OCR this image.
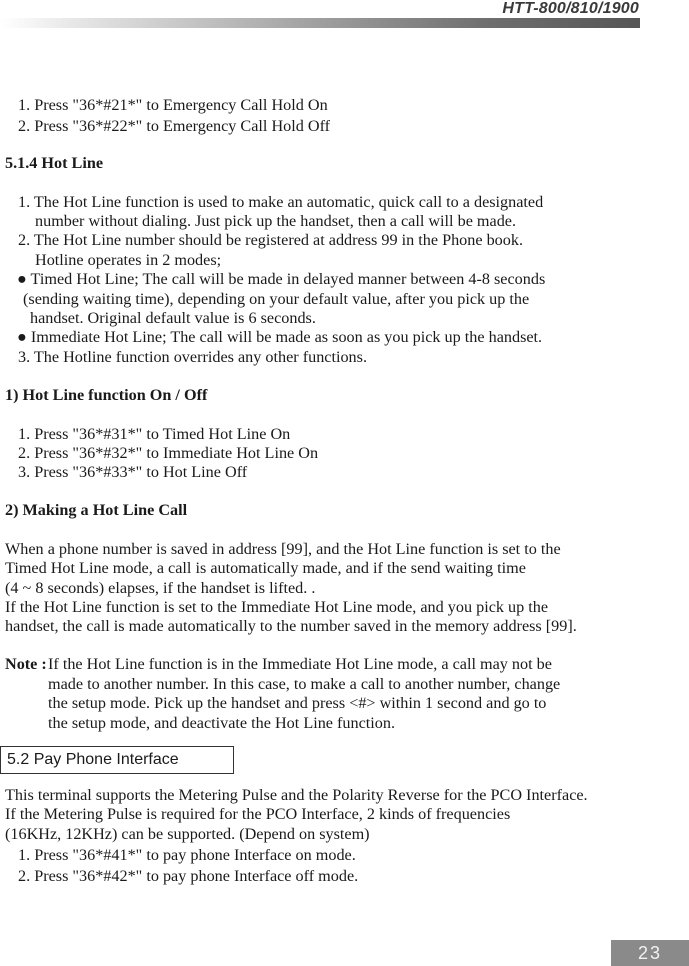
HTT-800/810/1900
1. Press "36*#21*" to Emergency Call Hold On
2. Press "36*#22*" to Emergency Call Hold Off
5.1.4 Hot Line
1. The Hot Line function is used to make an automatic, quick call to a designated
number without dialing. Just pick up the handset, then a call will be made.
2. The Hot Line number should be registered at address 99 in the Phone book.
Hotline operates in 2 modes;
● Timed Hot Line; The call will be made in delayed manner between 4-8 seconds
(sending waiting time), depending on your default value, after you pick up the
handset. Original default value is 6 seconds.
● Immediate Hot Line; The call will be made as soon as you pick up the handset.
3. The Hotline function overrides any other functions.
1) Hot Line function On / Off
1. Press "36*#31*" to Timed Hot Line On
2. Press "36*#32*" to Immediate Hot Line On
3. Press "36*#33*" to Hot Line Off
2) Making a Hot Line Call
When a phone number is saved in address [99], and the Hot Line function is set to the
Timed Hot Line mode, a call is automatically made, and if the send waiting time
(4 ~ 8 seconds) elapses, if the handset is lifted. .
If the Hot Line function is set to the Immediate Hot Line mode, and you pick up the
handset, the call is made automatically to the number saved in the memory address [99].
Note : If the Hot Line function is in the Immediate Hot Line mode, a call may not be
made to another number. In this case, to make a call to another number, change
the setup mode. Pick up the handset and press <#> within 1 second and go to
the setup mode, and deactivate the Hot Line function.
5.2 Pay Phone Interface
This terminal supports the Metering Pulse and the Polarity Reverse for the PCO Interface.
If the Metering Pulse is required for the PCO Interface, 2 kinds of frequencies
(16KHz, 12KHz) can be supported. (Depend on system)
1. Press "36*#41*" to pay phone Interface on mode.
2. Press "36*#42*" to pay phone Interface off mode.
23
